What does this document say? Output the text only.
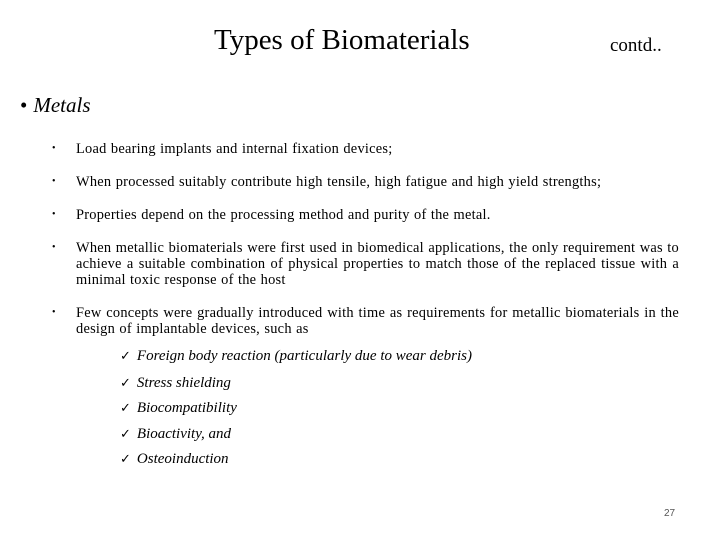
Types of Biomaterials	contd..
• Metals
• Load bearing implants and internal fixation devices;
• When processed suitably contribute high tensile, high fatigue and high yield strengths;
• Properties depend on the processing method and purity of the metal.
• When metallic biomaterials were first used in biomedical applications, the only requirement was to achieve a suitable combination of physical properties to match those of the replaced tissue with a minimal toxic response of the host
• Few concepts were gradually introduced with time as requirements for metallic biomaterials in the design of implantable devices, such as
✓ Foreign body reaction (particularly due to wear debris)
✓ Stress shielding
✓ Biocompatibility
✓ Bioactivity, and
✓ Osteoinduction
27
